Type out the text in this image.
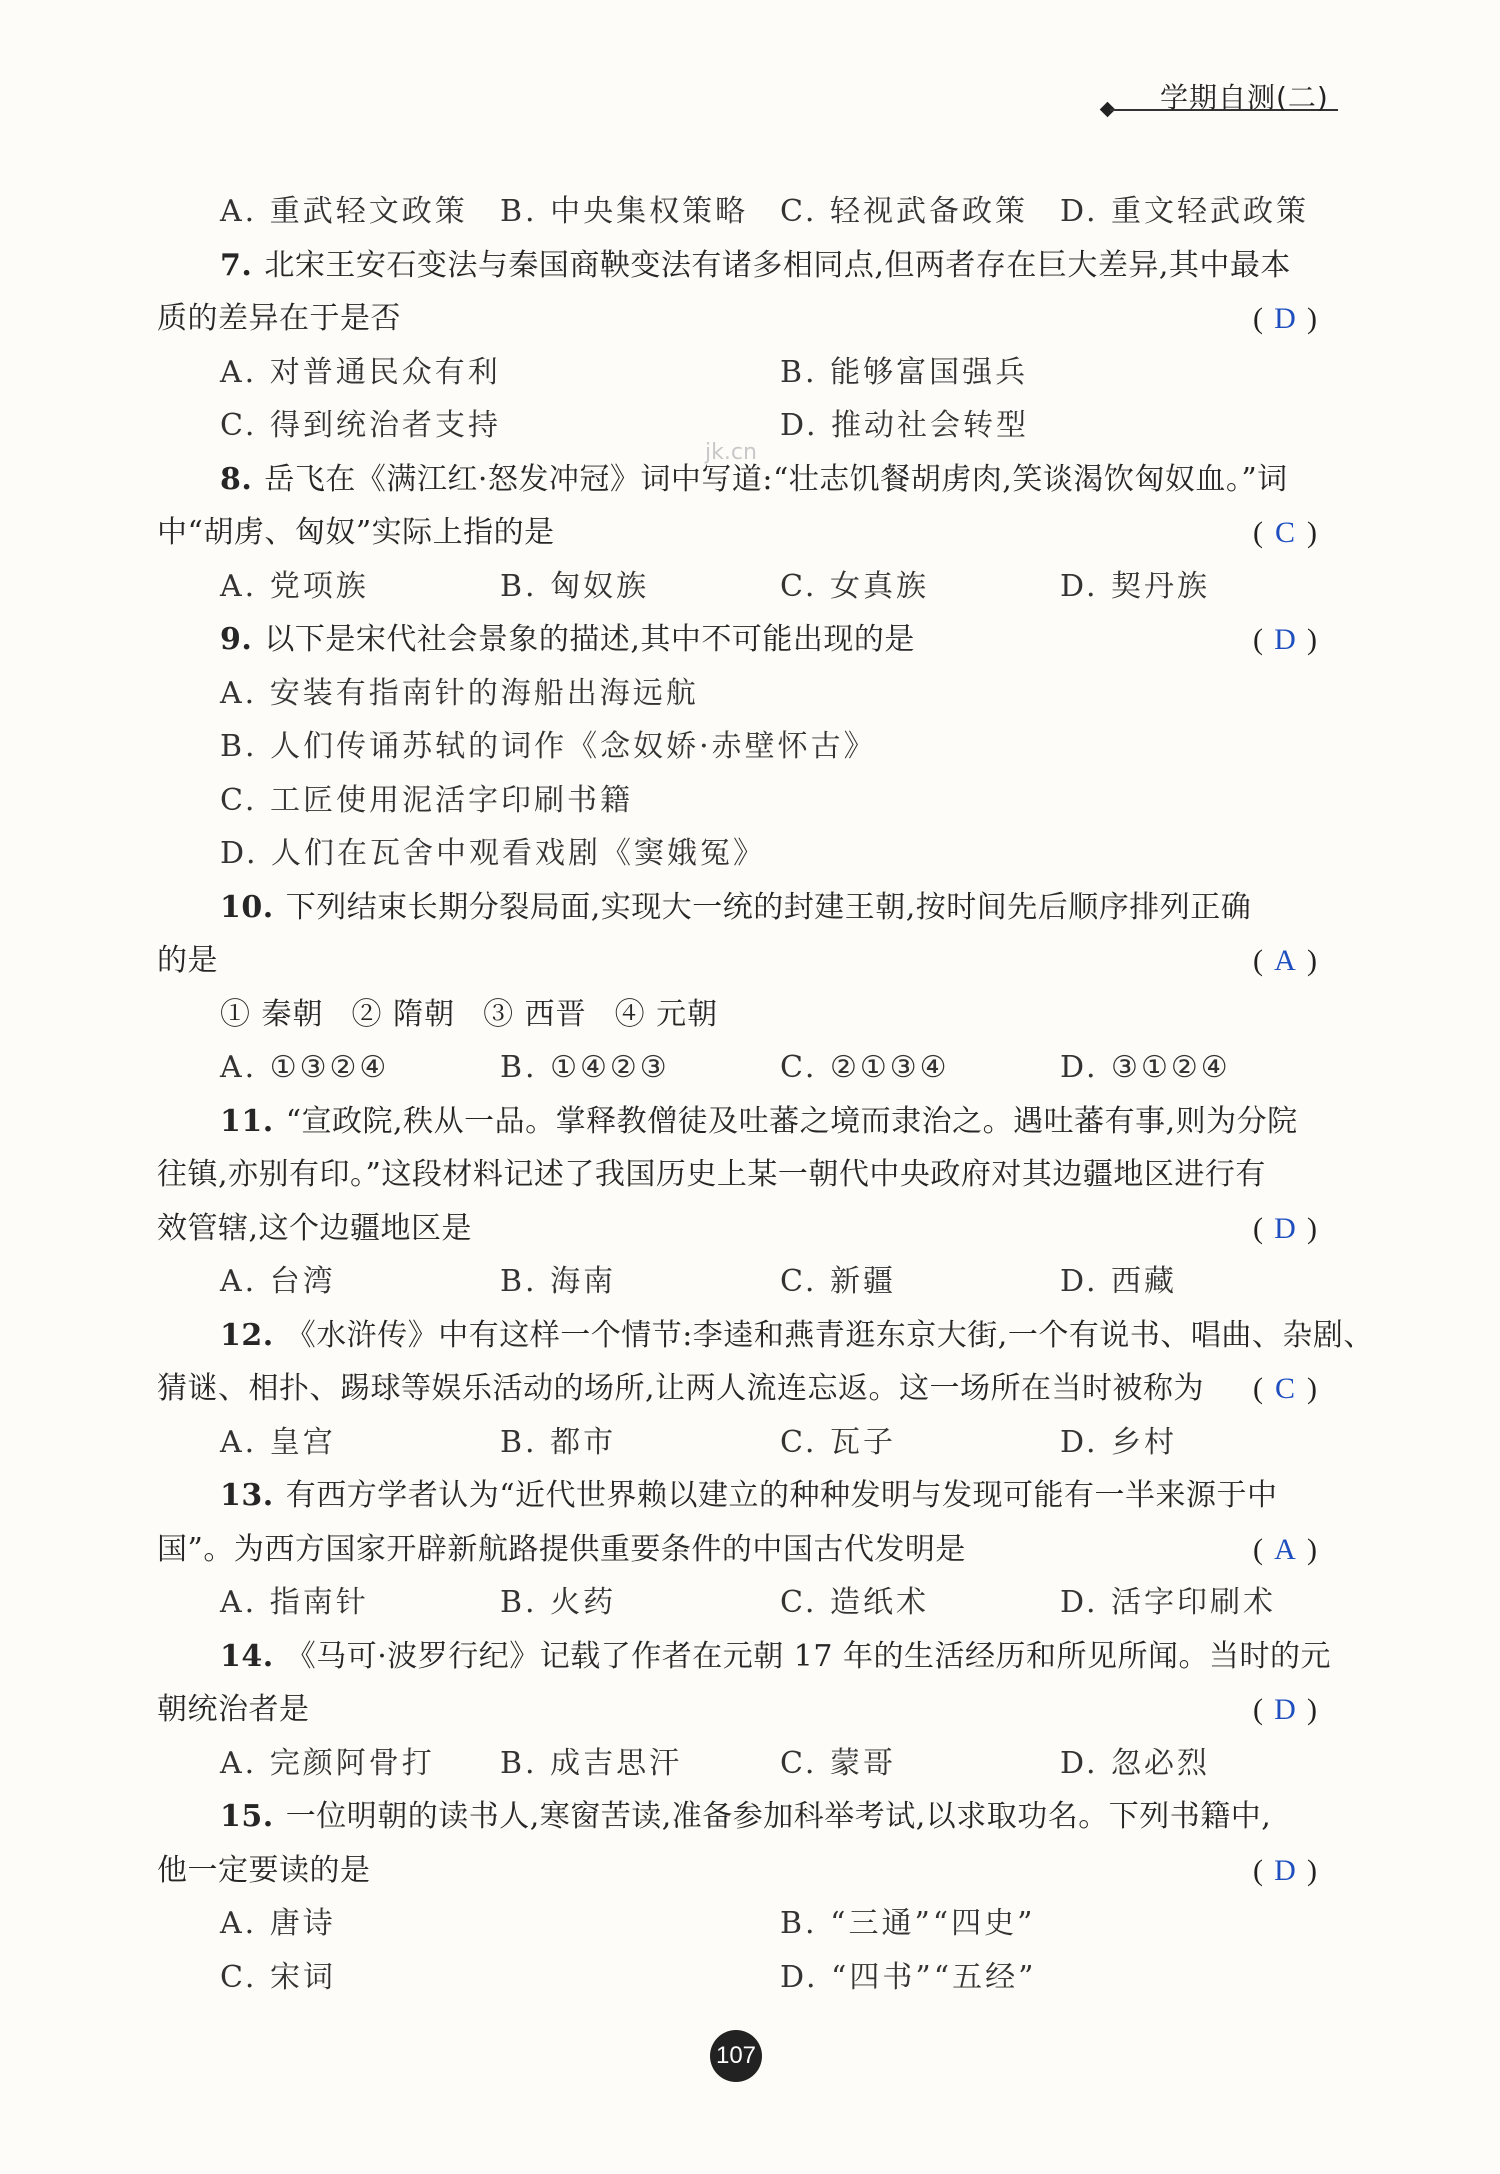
学期自测(二)
jk.cn
A. 重武轻文政策 B. 中央集权策略 C. 轻视武备政策 D. 重文轻武政策
7. 北宋王安石变法与秦国商鞅变法有诸多相同点,但两者存在巨大差异,其中最本
质的差异在于是否	( D )
A. 对普通民众有利	B. 能够富国强兵
C. 得到统治者支持	D. 推动社会转型
8. 岳飞在《满江红·怒发冲冠》词中写道:“壮志饥餐胡虏肉,笑谈渴饮匈奴血。”词
中“胡虏、匈奴”实际上指的是	( C )
A. 党项族	B. 匈奴族	C. 女真族	D. 契丹族
9. 以下是宋代社会景象的描述,其中不可能出现的是	( D )
A. 安装有指南针的海船出海远航
B. 人们传诵苏轼的词作《念奴娇·赤壁怀古》
C. 工匠使用泥活字印刷书籍
D. 人们在瓦舍中观看戏剧《窦娥冤》
10. 下列结束长期分裂局面,实现大一统的封建王朝,按时间先后顺序排列正确
的是	( A )
① 秦朝 ② 隋朝 ③ 西晋 ④ 元朝
A. ①③②④	B. ①④②③	C. ②①③④	D. ③①②④
11. “宣政院,秩从一品。掌释教僧徒及吐蕃之境而隶治之。遇吐蕃有事,则为分院
往镇,亦别有印。”这段材料记述了我国历史上某一朝代中央政府对其边疆地区进行有
效管辖,这个边疆地区是	( D )
A. 台湾	B. 海南	C. 新疆	D. 西藏
12. 《水浒传》中有这样一个情节:李逵和燕青逛东京大街,一个有说书、唱曲、杂剧、
猜谜、相扑、踢球等娱乐活动的场所,让两人流连忘返。这一场所在当时被称为 ( C )
A. 皇宫	B. 都市	C. 瓦子	D. 乡村
13. 有西方学者认为“近代世界赖以建立的种种发明与发现可能有一半来源于中
国”。为西方国家开辟新航路提供重要条件的中国古代发明是	( A )
A. 指南针	B. 火药	C. 造纸术	D. 活字印刷术
14. 《马可·波罗行纪》记载了作者在元朝 17 年的生活经历和所见所闻。当时的元
朝统治者是	( D )
A. 完颜阿骨打 B. 成吉思汗	C. 蒙哥	D. 忽必烈
15. 一位明朝的读书人,寒窗苦读,准备参加科举考试,以求取功名。下列书籍中,
他一定要读的是	( D )
A. 唐诗	B. “三通”“四史”
C. 宋词	D. “四书”“五经”
107
